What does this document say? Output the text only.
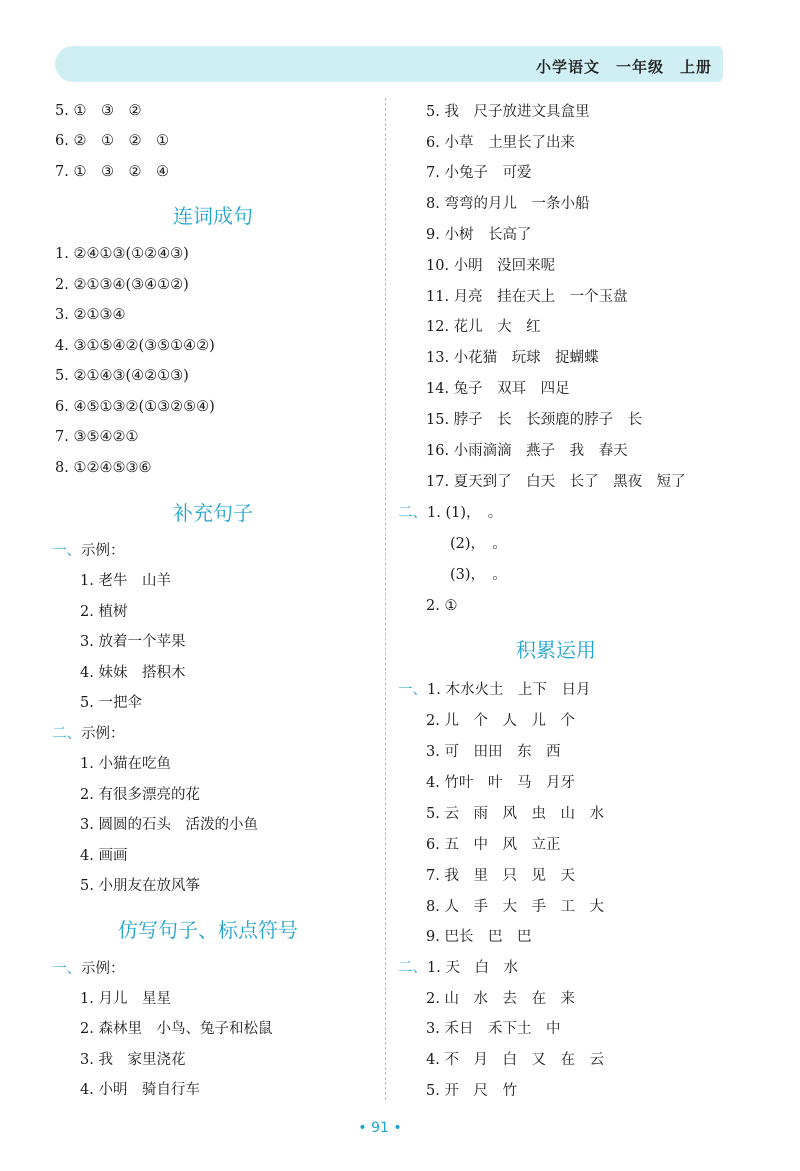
小学语文　一年级　上册
5. ①　③　②
6. ②　①　②　①
7. ①　③　②　④
连词成句
1. ②④①③(①②④③)
2. ②①③④(③④①②)
3. ②①③④
4. ③①⑤④②(③⑤①④②)
5. ②①④③(④②①③)
6. ④⑤①③②(①③②⑤④)
7. ③⑤④②①
8. ①②④⑤③⑥
补充句子
一、示例：
1. 老牛　山羊
2. 植树
3. 放着一个苹果
4. 妹妹　搭积木
5. 一把伞
二、示例：
1. 小猫在吃鱼
2. 有很多漂亮的花
3. 圆圆的石头　活泼的小鱼
4. 画画
5. 小朋友在放风筝
仿写句子、标点符号
一、示例：
1. 月儿　星星
2. 森林里　小鸟、兔子和松鼠
3. 我　家里浇花
4. 小明　骑自行车
5. 我　尺子放进文具盒里
6. 小草　土里长了出来
7. 小兔子　可爱
8. 弯弯的月儿　一条小船
9. 小树　长高了
10. 小明　没回来呢
11. 月亮　挂在天上　一个玉盘
12. 花儿　大　红
13. 小花猫　玩球　捉蝴蝶
14. 兔子　双耳　四足
15. 脖子　长　长颈鹿的脖子　长
16. 小雨滴滴　燕子　我　春天
17. 夏天到了　白天　长了　黑夜　短了
二、1. (1)，　。
(2)，　。
(3)，　。
2. ①
积累运用
一、1. 木水火土　上下　日月
2. 儿　个　人　儿　个
3. 可　田田　东　西
4. 竹叶　叶　马　月牙
5. 云　雨　风　虫　山　水
6. 五　中　风　立正
7. 我　里　只　见　天
8. 人　手　大　手　工　大
9. 巴长　巴　巴
二、1. 天　白　水
2. 山　水　去　在　来
3. 禾日　禾下土　中
4. 不　月　白　又　在　云
5. 开　尺　竹
• 91 •
